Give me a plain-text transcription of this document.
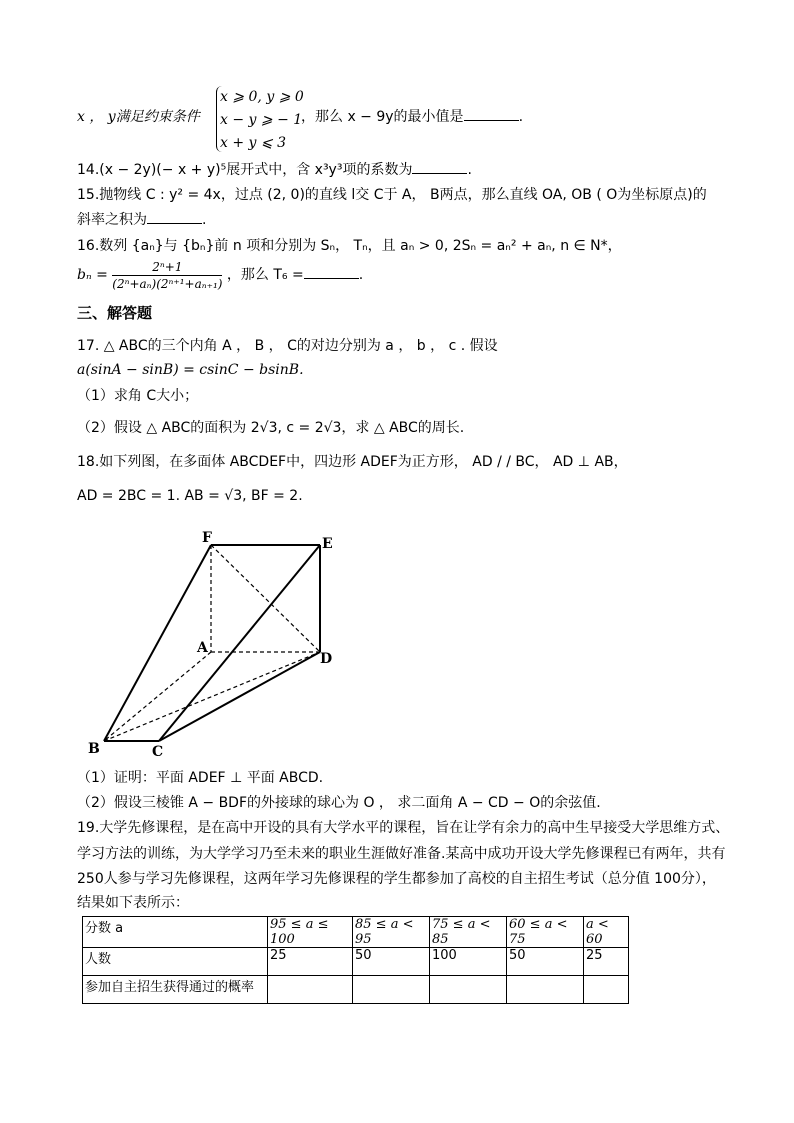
x ， y满足约束条件
x ⩾ 0, y ⩾ 0
x − y ⩾ − 1
x + y ⩽ 3
，那么 x − 9y的最小值是	.
14.(x − 2y)(− x + y)⁵展开式中，含 x³y³项的系数为	.
15.抛物线 C : y² = 4x，过点 (2, 0)的直线 l交 C于 A， B两点，那么直线 OA, OB ( O为坐标原点)的
斜率之积为	.
16.数列 {aₙ}与 {bₙ}前 n 项和分别为 Sₙ， Tₙ，且 aₙ > 0, 2Sₙ = aₙ² + aₙ, n ∈ N*，
$b_n = \frac{\text{2ⁿ+1}}{\text{(2ⁿ+aₙ)(2ⁿ⁺¹+aₙ₊₁)}}$ ，那么 T₆ =	.
三、解答题
17. △ ABC的三个内角 A ， B ， C的对边分别为 a ， b ， c . 假设
a(sinA − sinB) = csinC − bsinB.
（1）求角 C大小；
（2）假设 △ ABC的面积为 2√3, c = 2√3，求 △ ABC的周长.
18.如下列图，在多面体 ABCDEF中，四边形 ADEF为正方形， AD / / BC， AD ⊥ AB，
AD = 2BC = 1. AB = √3, BF = 2.
F	E
A
D
B	C
（1）证明：平面 ADEF ⊥ 平面 ABCD.
（2）假设三棱锥 A − BDF的外接球的球心为 O ， 求二面角 A − CD − O的余弦值.
19.大学先修课程，是在高中开设的具有大学水平的课程，旨在让学有余力的高中生早接受大学思维方式、
学习方法的训练，为大学学习乃至未来的职业生涯做好准备.某高中成功开设大学先修课程已有两年，共有
250人参与学习先修课程，这两年学习先修课程的学生都参加了高校的自主招生考试（总分值 100分），
结果如下表所示：
分数 a	95 ≤ a ≤ 100	85 ≤ a < 95	75 ≤ a < 85	60 ≤ a < 75	a < 60
人数	25	50	100	50	25
参加自主招生获得通过的概率					
